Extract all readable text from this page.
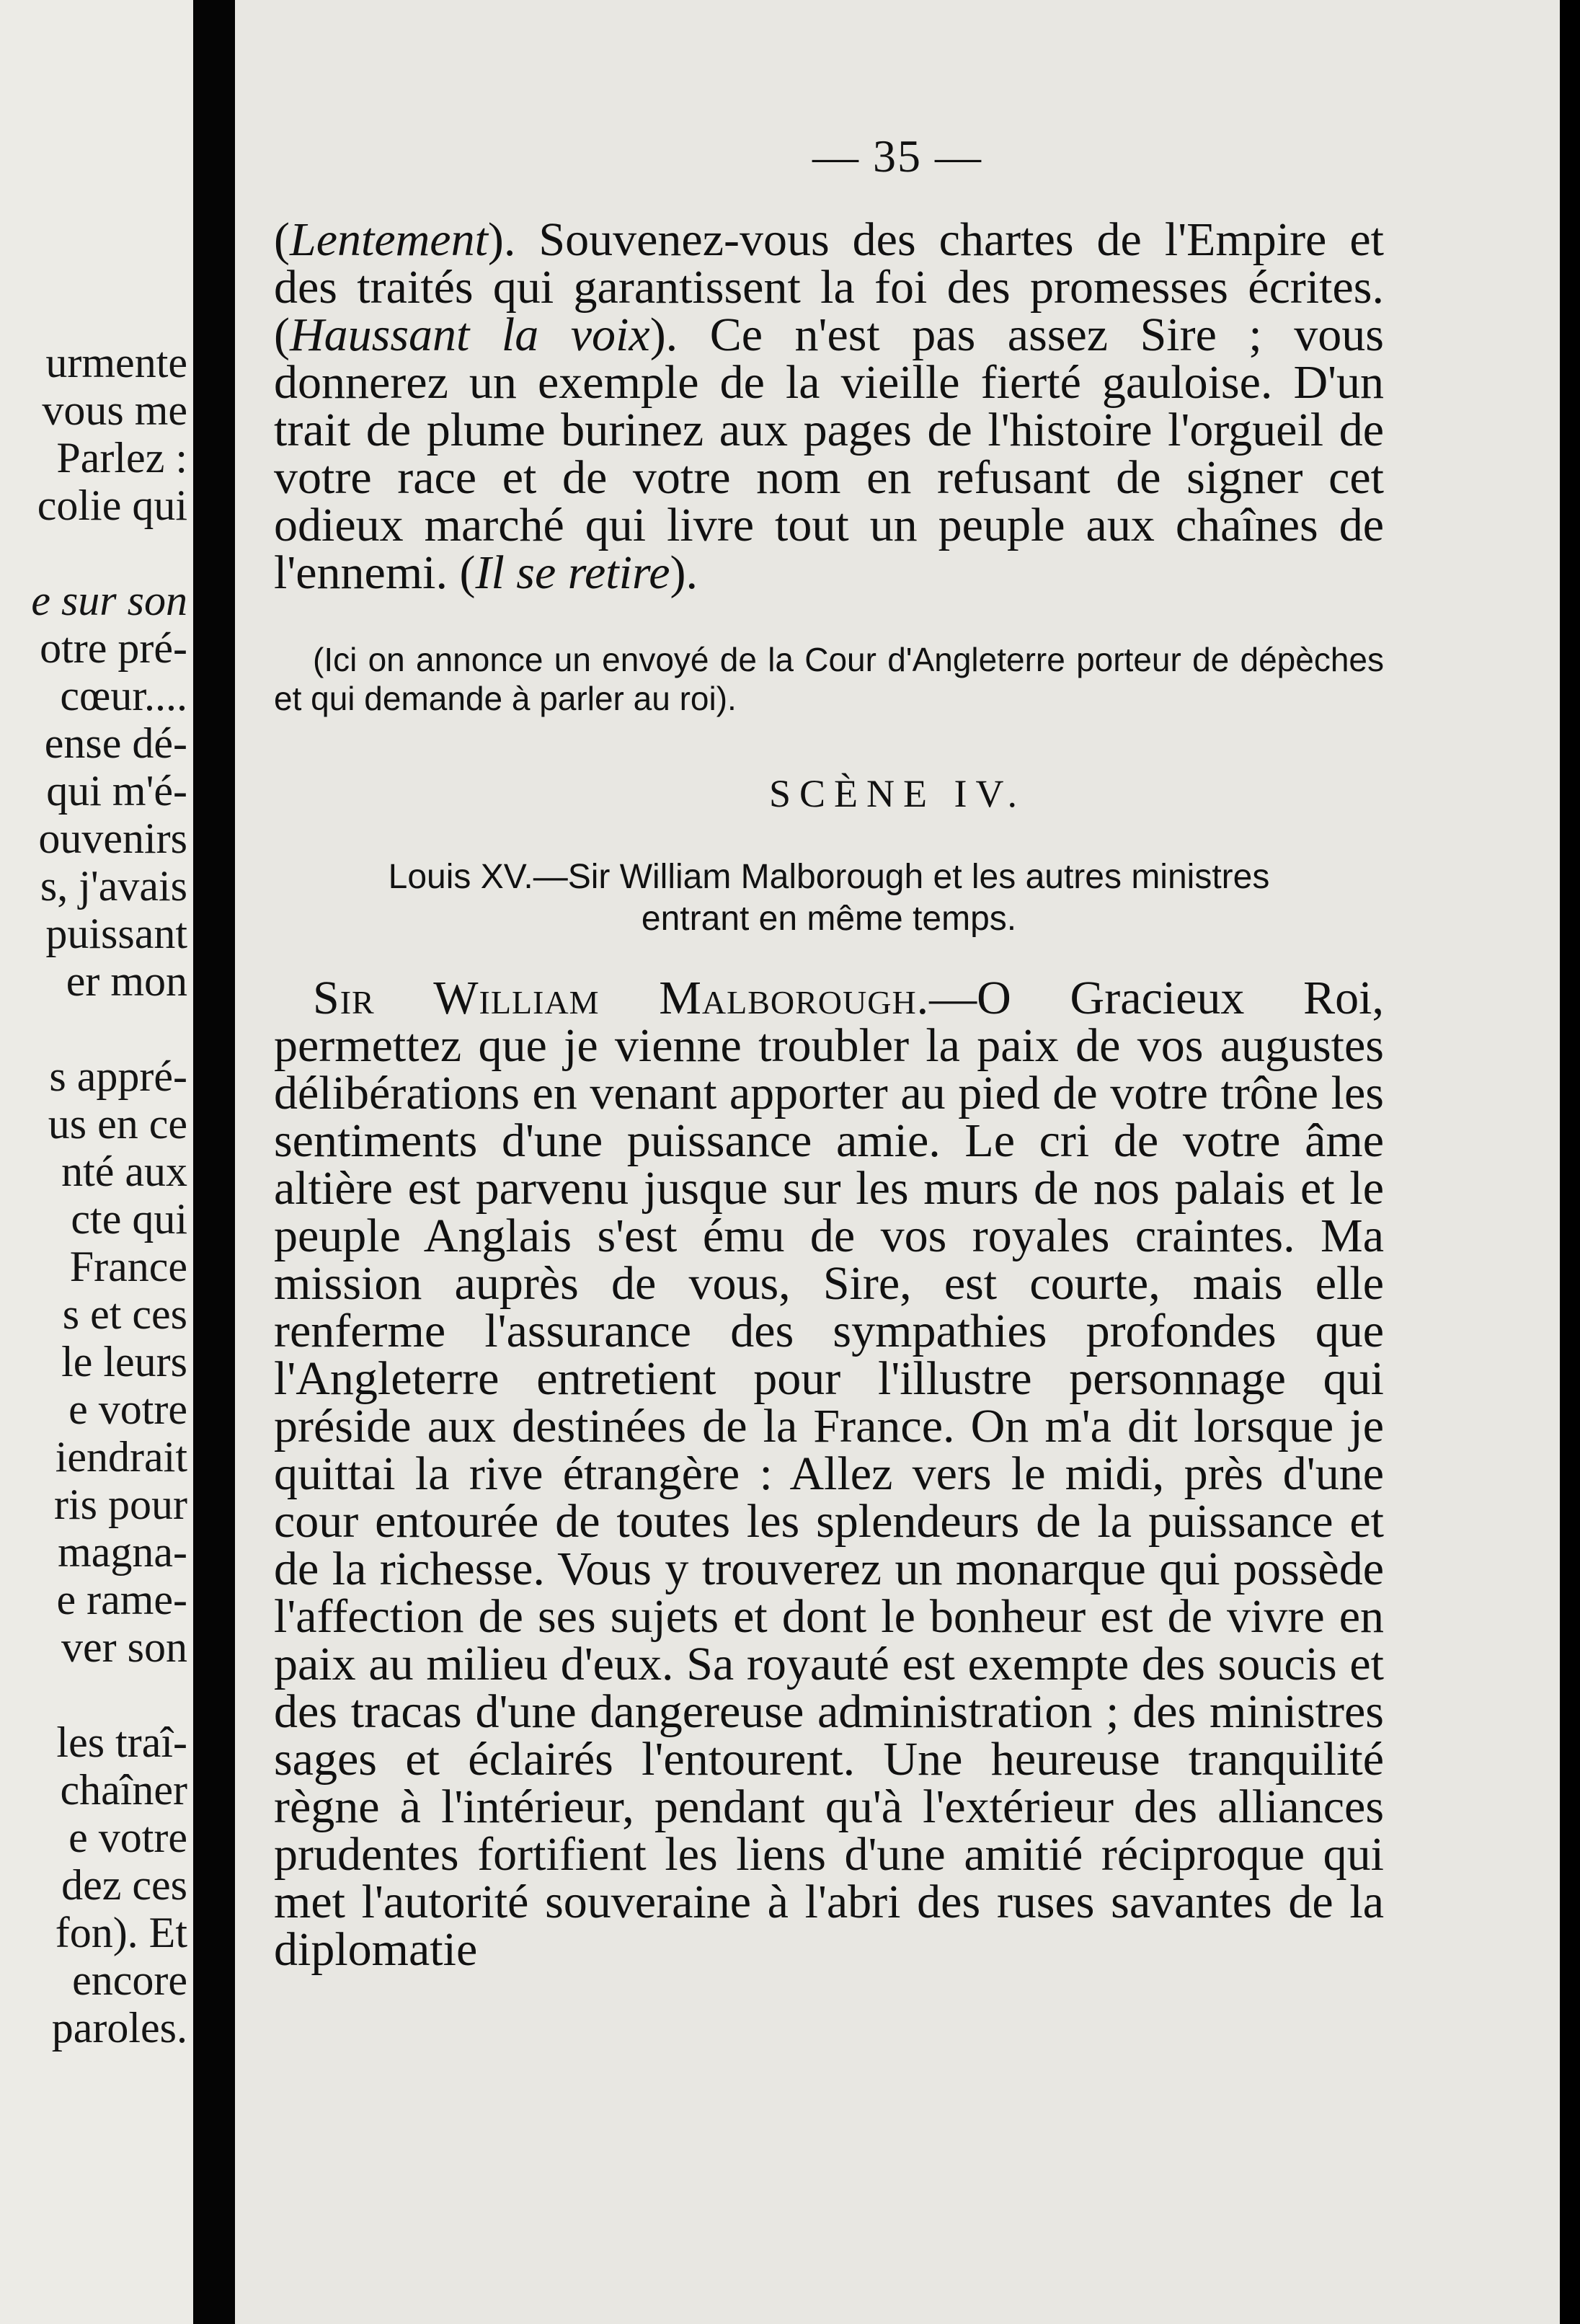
urmente
vous me
Parlez :
colie qui
e sur son
otre pré-
cœur....
ense dé-
qui m'é-
ouvenirs
s, j'avais
puissant
er mon
s appré-
us en ce
nté aux
cte qui
France
s et ces
le leurs
e votre
iendrait
ris pour
magna-
e rame-
ver son
les traî-
chaîner
e votre
dez ces
fon). Et
encore
paroles.
— 35 —
(Lentement). Souvenez-vous des chartes de l'Empire et des traités qui garantissent la foi des promesses écrites. (Haussant la voix). Ce n'est pas assez Sire ; vous donnerez un exemple de la vieille fierté gauloise. D'un trait de plume burinez aux pages de l'histoire l'orgueil de votre race et de votre nom en refusant de signer cet odieux marché qui livre tout un peuple aux chaînes de l'ennemi. (Il se retire).
(Ici on annonce un envoyé de la Cour d'Angleterre porteur de dépèches et qui demande à parler au roi).
SCÈNE IV.
Louis XV.—Sir William Malborough et les autres ministres
entrant en même temps.
Sir William Malborough.—O Gracieux Roi, permettez que je vienne troubler la paix de vos augustes délibérations en venant apporter au pied de votre trône les sentiments d'une puissance amie. Le cri de votre âme altière est parvenu jusque sur les murs de nos palais et le peuple Anglais s'est ému de vos royales craintes. Ma mission auprès de vous, Sire, est courte, mais elle renferme l'assurance des sympathies profondes que l'Angleterre entretient pour l'illustre personnage qui préside aux destinées de la France. On m'a dit lorsque je quittai la rive étrangère : Allez vers le midi, près d'une cour entourée de toutes les splendeurs de la puissance et de la richesse. Vous y trouverez un monarque qui possède l'affection de ses sujets et dont le bonheur est de vivre en paix au milieu d'eux. Sa royauté est exempte des soucis et des tracas d'une dangereuse administration ; des ministres sages et éclairés l'entourent. Une heureuse tranquilité règne à l'intérieur, pendant qu'à l'extérieur des alliances prudentes fortifient les liens d'une amitié réciproque qui met l'autorité souveraine à l'abri des ruses savantes de la diplomatie
